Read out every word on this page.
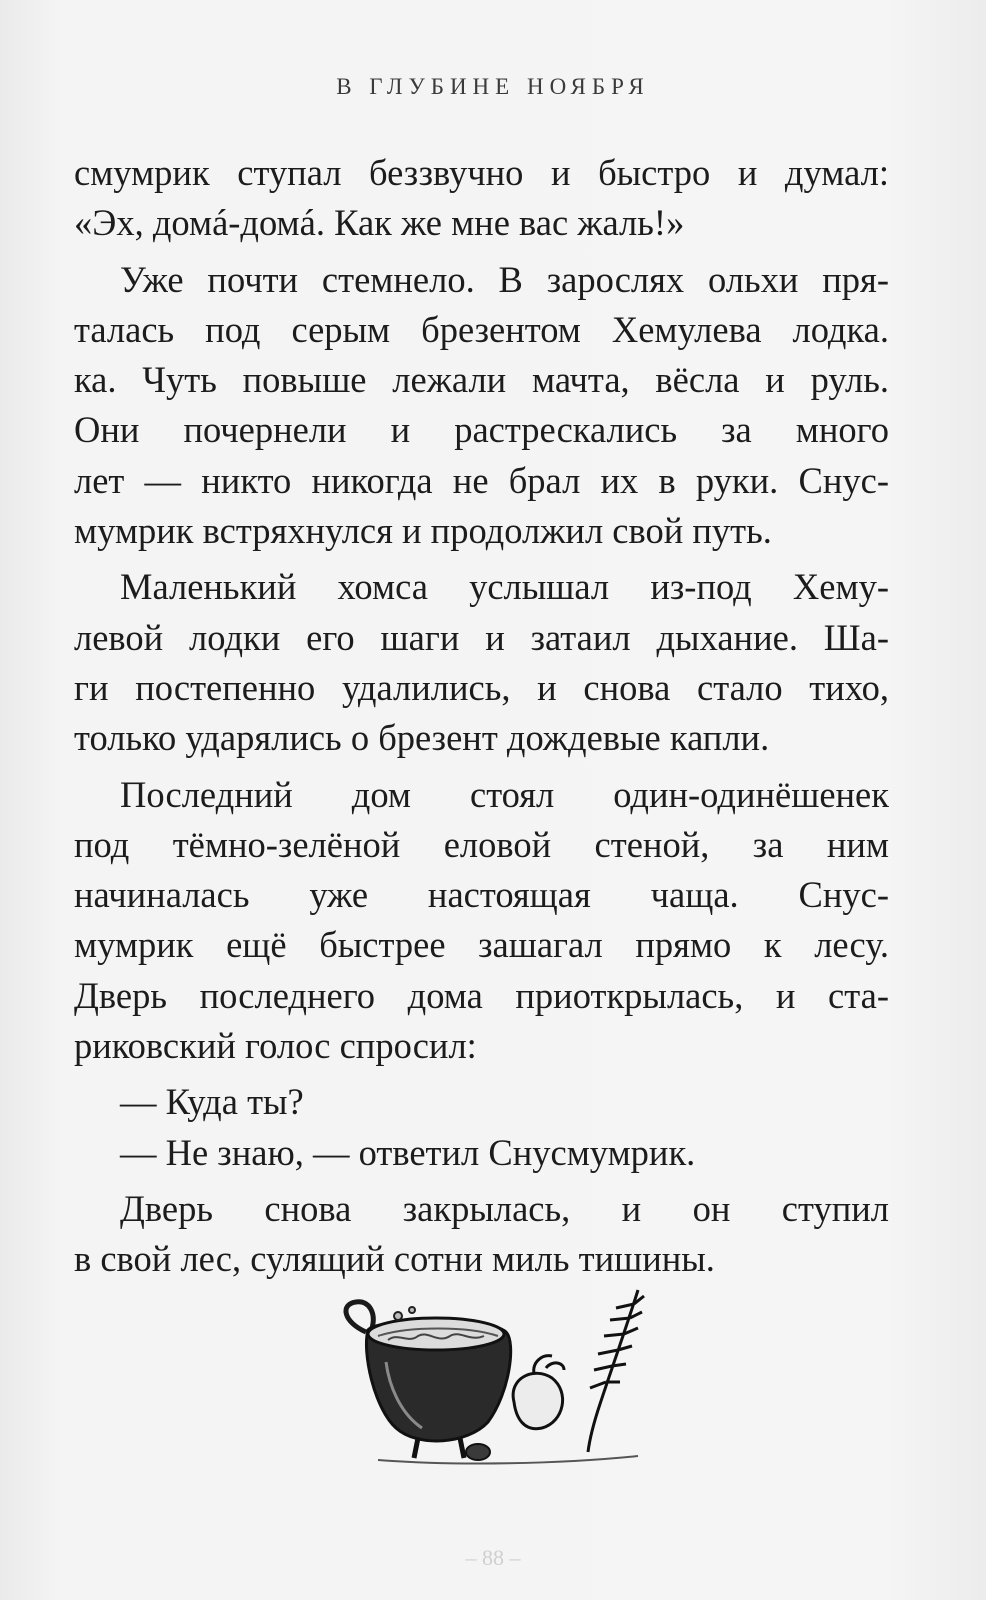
В ГЛУБИНЕ НОЯБРЯ
смумрик ступал беззвучно и быстро и думал:
«Эх, домá-домá. Как же мне вас жаль!»
Уже почти стемнело. В зарослях ольхи пря-
талась под серым брезентом Хемулева лодка.
ка. Чуть повыше лежали мачта, вёсла и руль.
Они почернели и растрескались за много
лет — никто никогда не брал их в руки. Снус-
мумрик встряхнулся и продолжил свой путь.
Маленький хомса услышал из-под Хему-
левой лодки его шаги и затаил дыхание. Ша-
ги постепенно удалились, и снова стало тихо,
только ударялись о брезент дождевые капли.
Последний дом стоял один-одинёшенек
под тёмно-зелёной еловой стеной, за ним
начиналась уже настоящая чаща. Снус-
мумрик ещё быстрее зашагал прямо к лесу.
Дверь последнего дома приоткрылась, и ста-
риковский голос спросил:
— Куда ты?
— Не знаю, — ответил Снусмумрик.
Дверь снова закрылась, и он ступил
в свой лес, сулящий сотни миль тишины.
– 88 –
